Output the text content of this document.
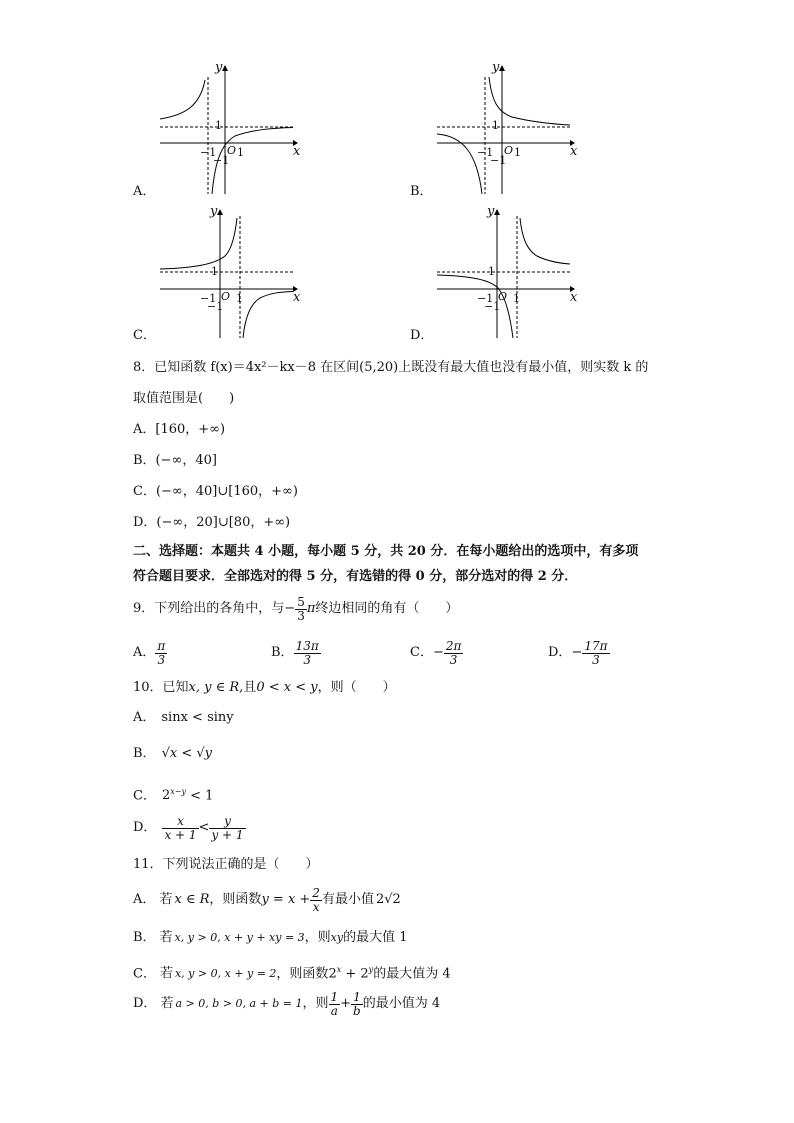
y
x
1
O 1
−1
−1
A．
y
x
1
O 1
−1
−1
B．
y
x
1
−1 O 1
−1
C．
y
x
1
−1 O 1
−1
D．
8．已知函数 f(x)＝4x²－kx－8 在区间(5,20)上既没有最大值也没有最小值，则实数 k 的
取值范围是(　　)
A．[160，+∞)
B．(−∞，40]
C．(−∞，40]∪[160，+∞)
D．(−∞，20]∪[80，+∞)
二、选择题：本题共 4 小题，每小题 5 分，共 20 分．在每小题给出的选项中，有多项
符合题目要求．全部选对的得 5 分，有选错的得 0 分，部分选对的得 2 分．
9．下列给出的各角中，与 − $\frac{5}{3}$ π 终边相同的角有（　　）
A． $\frac{\pi}{3}$	B． $\frac{13\pi}{3}$	C． − $\frac{2\pi}{3}$	D． − $\frac{17\pi}{3}$
10．已知x, y ∈ R,且0 < x < y，则（　　）
A． sinx < siny
B． √x < √y
C． $2^{x-y} < 1$
D． $\frac{x}{x + 1} < \frac{y}{y + 1}$
11．下列说法正确的是（　　）
A． 若 x ∈ R ，则函数 $y = x + \frac{2}{x}$ 有最小值 2√2
B． 若 x, y > 0, x + y + xy = 3，则xy的最大值 1
C． 若 x, y > 0, x + y = 2，则函数$2^x + 2^y$的最大值为 4
D． 若 a > 0, b > 0, a + b = 1 ，则 $\frac{1}{a} + \frac{1}{b}$ 的最小值为 4
